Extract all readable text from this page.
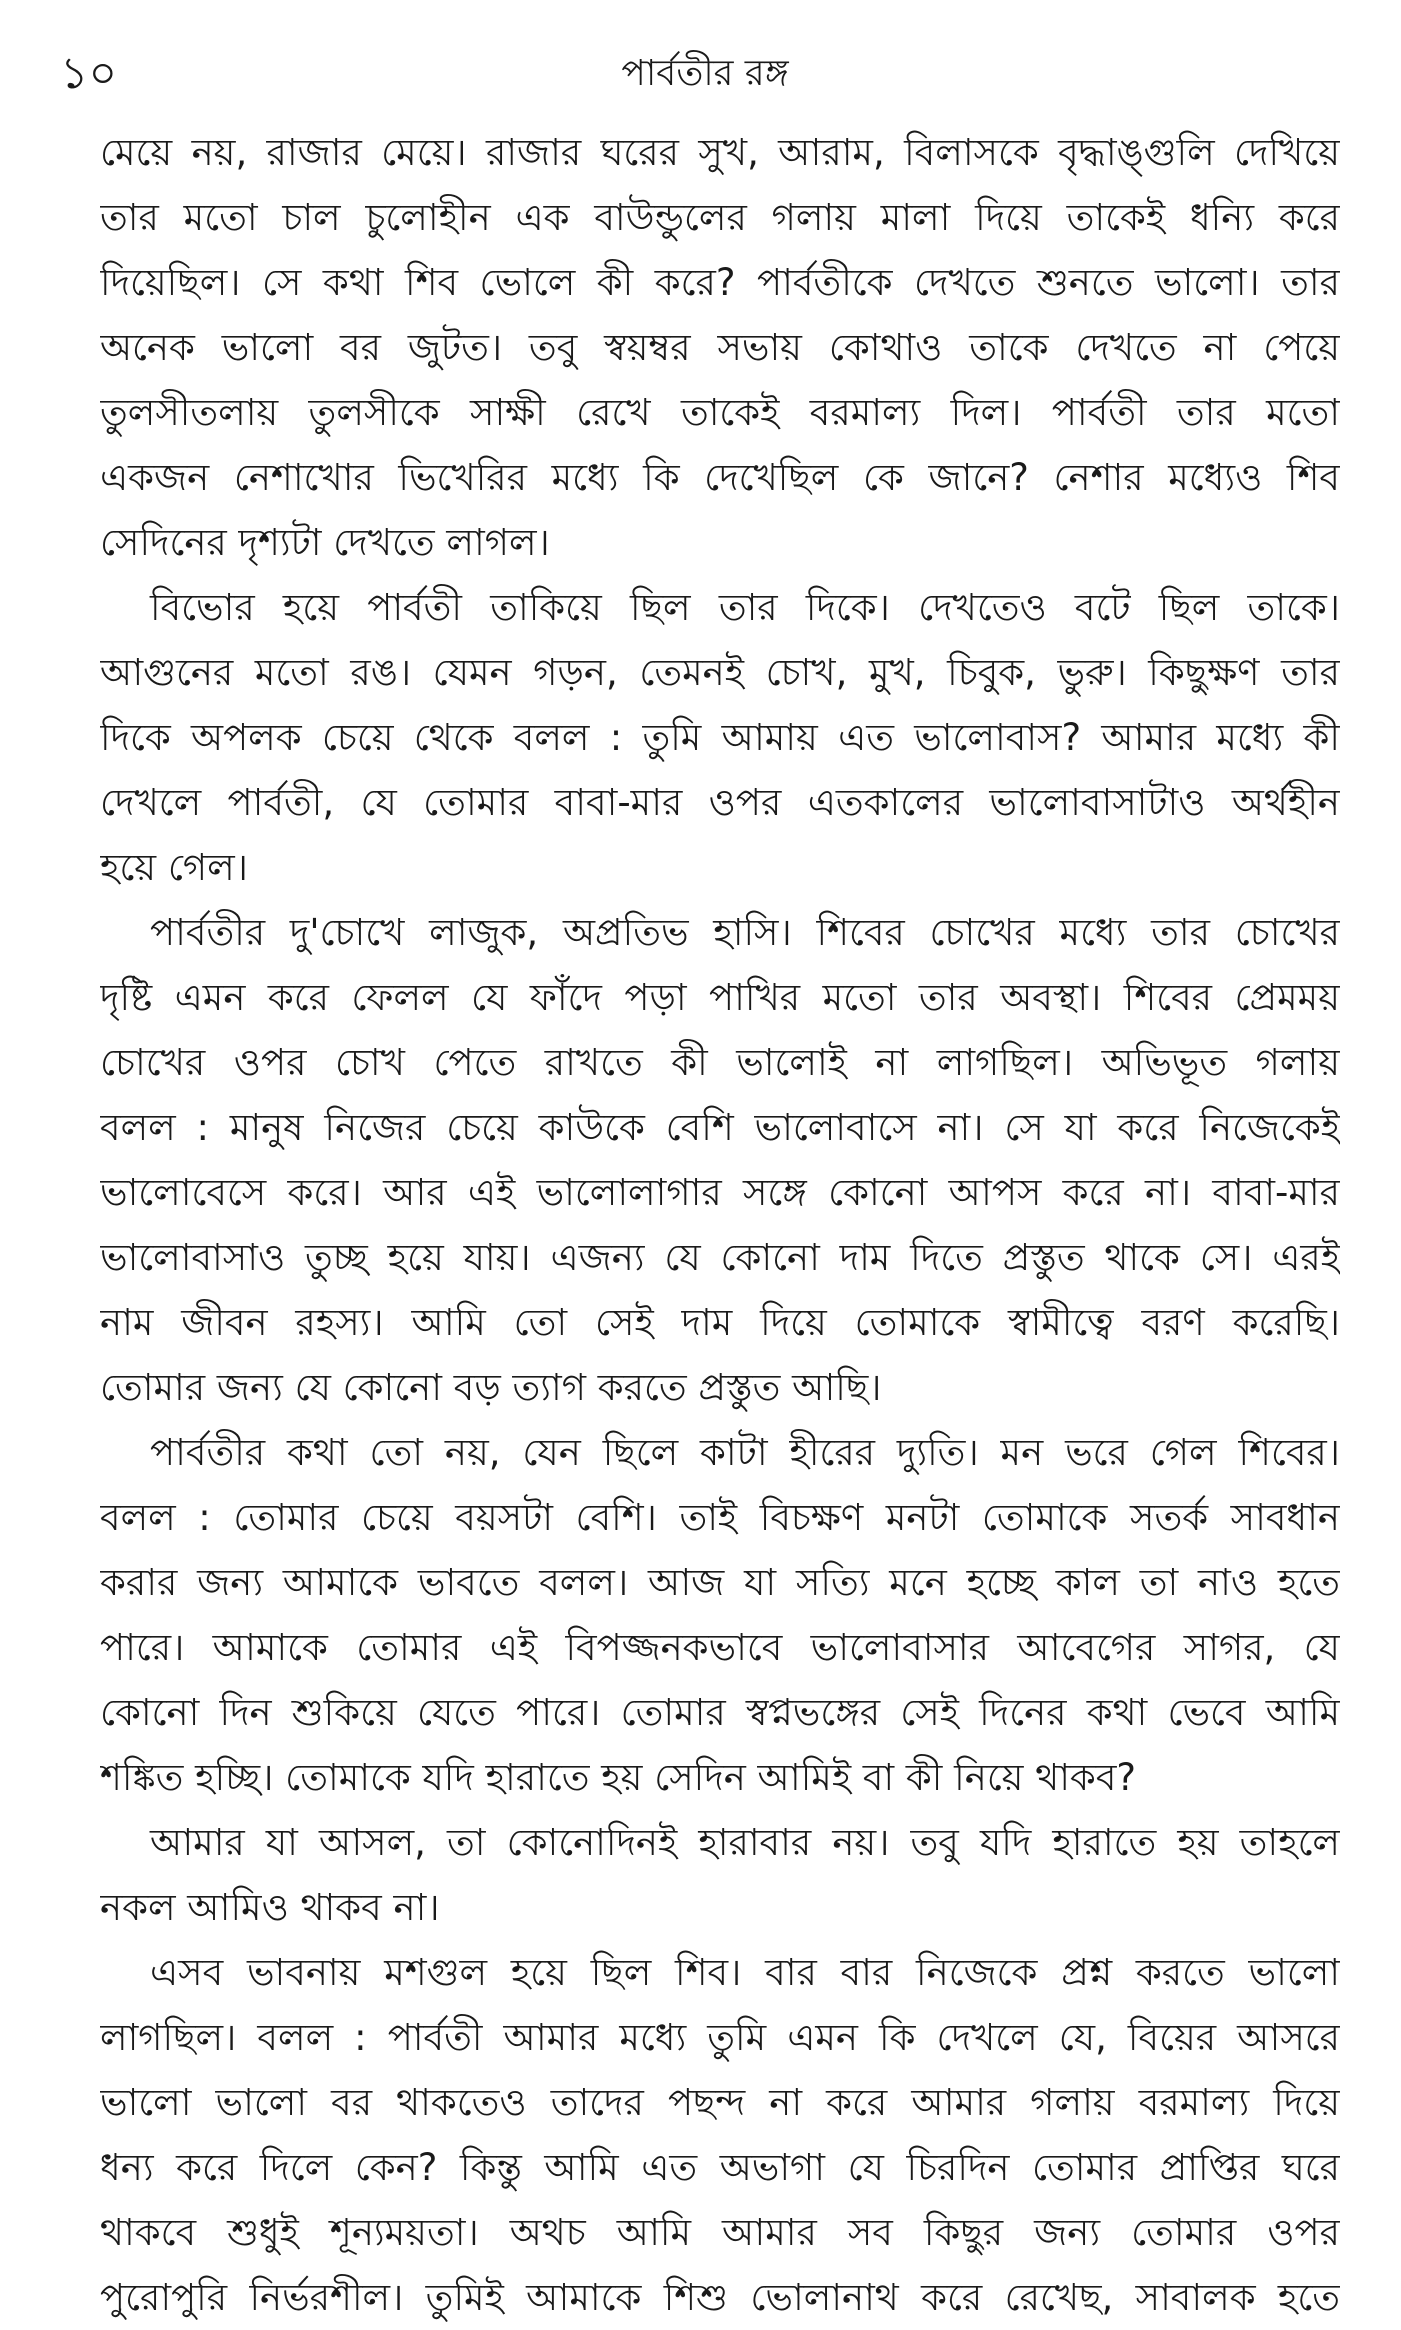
১০	পার্বতীর রঙ্গ
মেয়ে নয়, রাজার মেয়ে। রাজার ঘরের সুখ, আরাম, বিলাসকে বৃদ্ধাঙ্গুলি দেখিয়ে
তার মতো চাল চুলোহীন এক বাউন্ডুলের গলায় মালা দিয়ে তাকেই ধন্যি করে
দিয়েছিল। সে কথা শিব ভোলে কী করে? পার্বতীকে দেখতে শুনতে ভালো। তার
অনেক ভালো বর জুটত। তবু স্বয়ম্বর সভায় কোথাও তাকে দেখতে না পেয়ে
তুলসীতলায় তুলসীকে সাক্ষী রেখে তাকেই বরমাল্য দিল। পার্বতী তার মতো
একজন নেশাখোর ভিখেরির মধ্যে কি দেখেছিল কে জানে? নেশার মধ্যেও শিব
সেদিনের দৃশ্যটা দেখতে লাগল।
বিভোর হয়ে পার্বতী তাকিয়ে ছিল তার দিকে। দেখতেও বটে ছিল তাকে।
আগুনের মতো রঙ। যেমন গড়ন, তেমনই চোখ, মুখ, চিবুক, ভুরু। কিছুক্ষণ তার
দিকে অপলক চেয়ে থেকে বলল : তুমি আমায় এত ভালোবাস? আমার মধ্যে কী
দেখলে পার্বতী, যে তোমার বাবা-মার ওপর এতকালের ভালোবাসাটাও অর্থহীন
হয়ে গেল।
পার্বতীর দু'চোখে লাজুক, অপ্রতিভ হাসি। শিবের চোখের মধ্যে তার চোখের
দৃষ্টি এমন করে ফেলল যে ফাঁদে পড়া পাখির মতো তার অবস্থা। শিবের প্রেমময়
চোখের ওপর চোখ পেতে রাখতে কী ভালোই না লাগছিল। অভিভূত গলায়
বলল : মানুষ নিজের চেয়ে কাউকে বেশি ভালোবাসে না। সে যা করে নিজেকেই
ভালোবেসে করে। আর এই ভালোলাগার সঙ্গে কোনো আপস করে না। বাবা-মার
ভালোবাসাও তুচ্ছ হয়ে যায়। এজন্য যে কোনো দাম দিতে প্রস্তুত থাকে সে। এরই
নাম জীবন রহস্য। আমি তো সেই দাম দিয়ে তোমাকে স্বামীত্বে বরণ করেছি।
তোমার জন্য যে কোনো বড় ত্যাগ করতে প্রস্তুত আছি।
পার্বতীর কথা তো নয়, যেন ছিলে কাটা হীরের দ্যুতি। মন ভরে গেল শিবের।
বলল : তোমার চেয়ে বয়সটা বেশি। তাই বিচক্ষণ মনটা তোমাকে সতর্ক সাবধান
করার জন্য আমাকে ভাবতে বলল। আজ যা সত্যি মনে হচ্ছে কাল তা নাও হতে
পারে। আমাকে তোমার এই বিপজ্জনকভাবে ভালোবাসার আবেগের সাগর, যে
কোনো দিন শুকিয়ে যেতে পারে। তোমার স্বপ্নভঙ্গের সেই দিনের কথা ভেবে আমি
শঙ্কিত হচ্ছি। তোমাকে যদি হারাতে হয় সেদিন আমিই বা কী নিয়ে থাকব?
আমার যা আসল, তা কোনোদিনই হারাবার নয়। তবু যদি হারাতে হয় তাহলে
নকল আমিও থাকব না।
এসব ভাবনায় মশগুল হয়ে ছিল শিব। বার বার নিজেকে প্রশ্ন করতে ভালো
লাগছিল। বলল : পার্বতী আমার মধ্যে তুমি এমন কি দেখলে যে, বিয়ের আসরে
ভালো ভালো বর থাকতেও তাদের পছন্দ না করে আমার গলায় বরমাল্য দিয়ে
ধন্য করে দিলে কেন? কিন্তু আমি এত অভাগা যে চিরদিন তোমার প্রাপ্তির ঘরে
থাকবে শুধুই শূন্যময়তা। অথচ আমি আমার সব কিছুর জন্য তোমার ওপর
পুরোপুরি নির্ভরশীল। তুমিই আমাকে শিশু ভোলানাথ করে রেখেছ, সাবালক হতে
